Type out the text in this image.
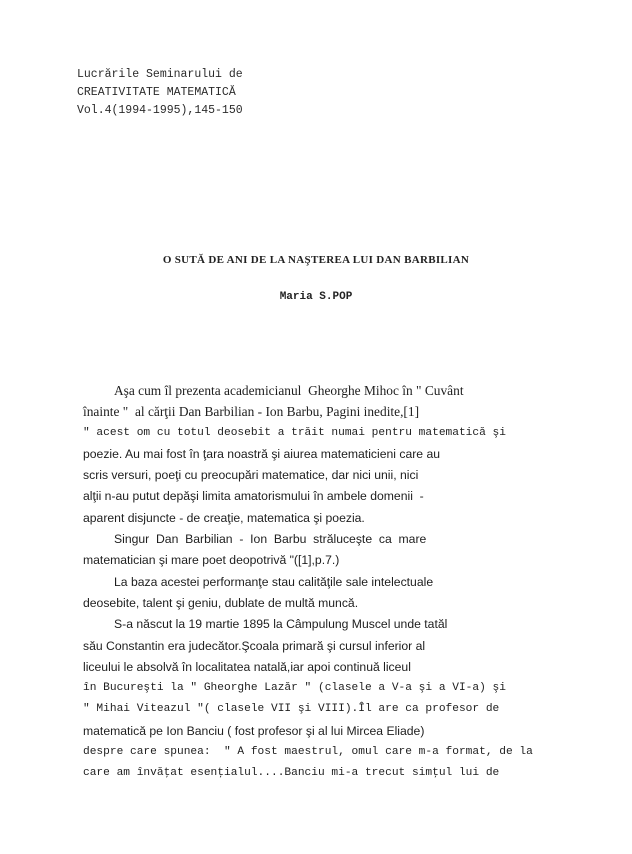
Lucrările Seminarului de
CREATIVITATE MATEMATICĂ
Vol.4(1994-1995),145-150
O SUTĂ DE ANI DE LA NAŞTEREA LUI DAN BARBILIAN
Maria S.POP
Aşa cum îl prezenta academicianul  Gheorghe Mihoc în " Cuvânt
înainte "  al cărţii Dan Barbilian - Ion Barbu, Pagini inedite,[1]
" acest om cu totul deosebit a trăit numai pentru matematică şi
poezie. Au mai fost în ţara noastră şi aiurea matematicieni care au
scris versuri, poeţi cu preocupări matematice, dar nici unii, nici
alţii n-au putut depăşi limita amatorismului în ambele domenii  -
aparent disjuncte - de creaţie, matematica şi poezia.
Singur  Dan  Barbilian  -  Ion  Barbu  străluceşte  ca  mare
matematician şi mare poet deopotrivă "([1],p.7.)
La baza acestei performanţe stau calităţile sale intelectuale
deosebite, talent şi geniu, dublate de multă muncă.
S-a născut la 19 martie 1895 la Câmpulung Muscel unde tatăl
său Constantin era judecător.Şcoala primară şi cursul inferior al
liceului le absolvă în localitatea natală,iar apoi continuă liceul
în Bucureşti la " Gheorghe Lazăr " (clasele a V-a şi a VI-a) şi
" Mihai Viteazul "( clasele VII şi VIII).Îl are ca profesor de
matematică pe Ion Banciu ( fost profesor şi al lui Mircea Eliade)
despre care spunea:  " A fost maestrul, omul care m-a format, de la
care am învăţat esenţialul....Banciu mi-a trecut simţul lui de
